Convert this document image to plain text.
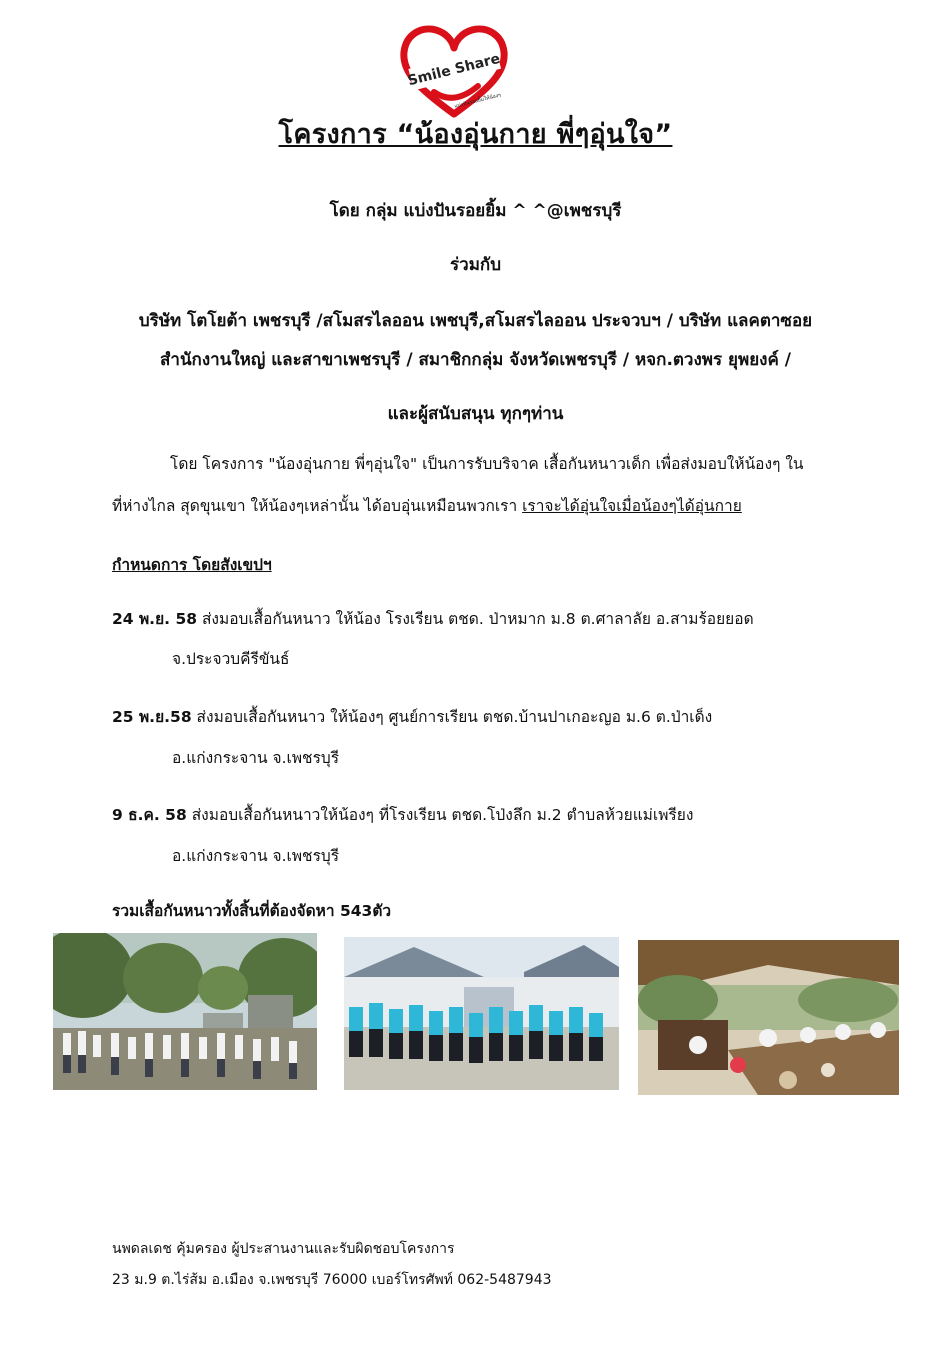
Smile Share
แบ่งปันรอยยิ้มให้น้องๆ
โครงการ “น้องอุ่นกาย พี่ๆอุ่นใจ”
โดย กลุ่ม แบ่งปันรอยยิ้ม ^ ^@เพชรบุรี
ร่วมกับ
บริษัท โตโยต้า เพชรบุรี /สโมสรไลออน เพชบุรี,สโมสรไลออน ประจวบฯ / บริษัท แลคตาซอย
สำนักงานใหญ่ และสาขาเพชรบุรี / สมาชิกกลุ่ม จังหวัดเพชรบุรี / หจก.ตวงพร ยุพยงค์ /
และผู้สนับสนุน ทุกๆท่าน
โดย โครงการ "น้องอุ่นกาย พี่ๆอุ่นใจ" เป็นการรับบริจาค เสื้อกันหนาวเด็ก เพื่อส่งมอบให้น้องๆ ใน
ที่ห่างไกล สุดขุนเขา ให้น้องๆเหล่านั้น ได้อบอุ่นเหมือนพวกเรา เราจะได้อุ่นใจเมื่อน้องๆได้อุ่นกาย
กำหนดการ โดยสังเขปฯ
24 พ.ย. 58 ส่งมอบเสื้อกันหนาว ให้น้อง โรงเรียน ตชด. ป่าหมาก ม.8 ต.ศาลาลัย อ.สามร้อยยอด
จ.ประจวบคีรีขันธ์
25 พ.ย.58 ส่งมอบเสื้อกันหนาว ให้น้องๆ ศูนย์การเรียน ตชด.บ้านปาเกอะญอ ม.6 ต.ป่าเด็ง
อ.แก่งกระจาน จ.เพชรบุรี
9 ธ.ค. 58 ส่งมอบเสื้อกันหนาวให้น้องๆ ที่โรงเรียน ตชด.โป่งลึก ม.2 ตำบลห้วยแม่เพรียง
อ.แก่งกระจาน จ.เพชรบุรี
รวมเสื้อกันหนาวทั้งสิ้นที่ต้องจัดหา 543ตัว
นพดลเดช คุ้มครอง ผู้ประสานงานและรับผิดชอบโครงการ
23 ม.9 ต.ไร่ส้ม อ.เมือง จ.เพชรบุรี 76000 เบอร์โทรศัพท์ 062-5487943
